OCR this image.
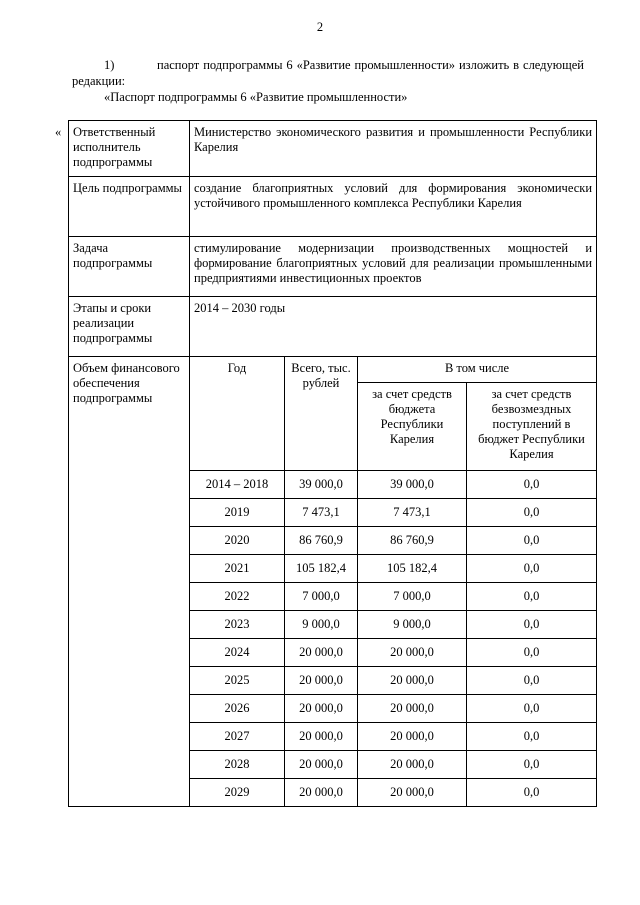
2
1)	паспорт подпрограммы 6 «Развитие промышленности» изложить в следующей редакции:
«Паспорт подпрограммы 6 «Развитие промышленности»
« Ответственный исполнитель подпрограммы	Министерство экономического развития и промышленности Республики Карелия			
Цель подпрограммы	создание благоприятных условий для формирования экономически устойчивого промышленного комплекса Республики Карелия			
Задача подпрограммы	стимулирование модернизации производственных мощностей и формирование благоприятных условий для реализации промышленными предприятиями инвестиционных проектов			
Этапы и сроки реализации подпрограммы	2014 – 2030 годы			
Объем финансового обеспечения подпрограммы	Год	Всего, тыс. рублей	В том числе	
			за счет средств бюджета Республики Карелия	за счет средств безвозмездных поступлений в бюджет Республики Карелия
	2014 – 2018	39 000,0	39 000,0	0,0
	2019	7 473,1	7 473,1	0,0
	2020	86 760,9	86 760,9	0,0
	2021	105 182,4	105 182,4	0,0
	2022	7 000,0	7 000,0	0,0
	2023	9 000,0	9 000,0	0,0
	2024	20 000,0	20 000,0	0,0
	2025	20 000,0	20 000,0	0,0
	2026	20 000,0	20 000,0	0,0
	2027	20 000,0	20 000,0	0,0
	2028	20 000,0	20 000,0	0,0
	2029	20 000,0	20 000,0	0,0
